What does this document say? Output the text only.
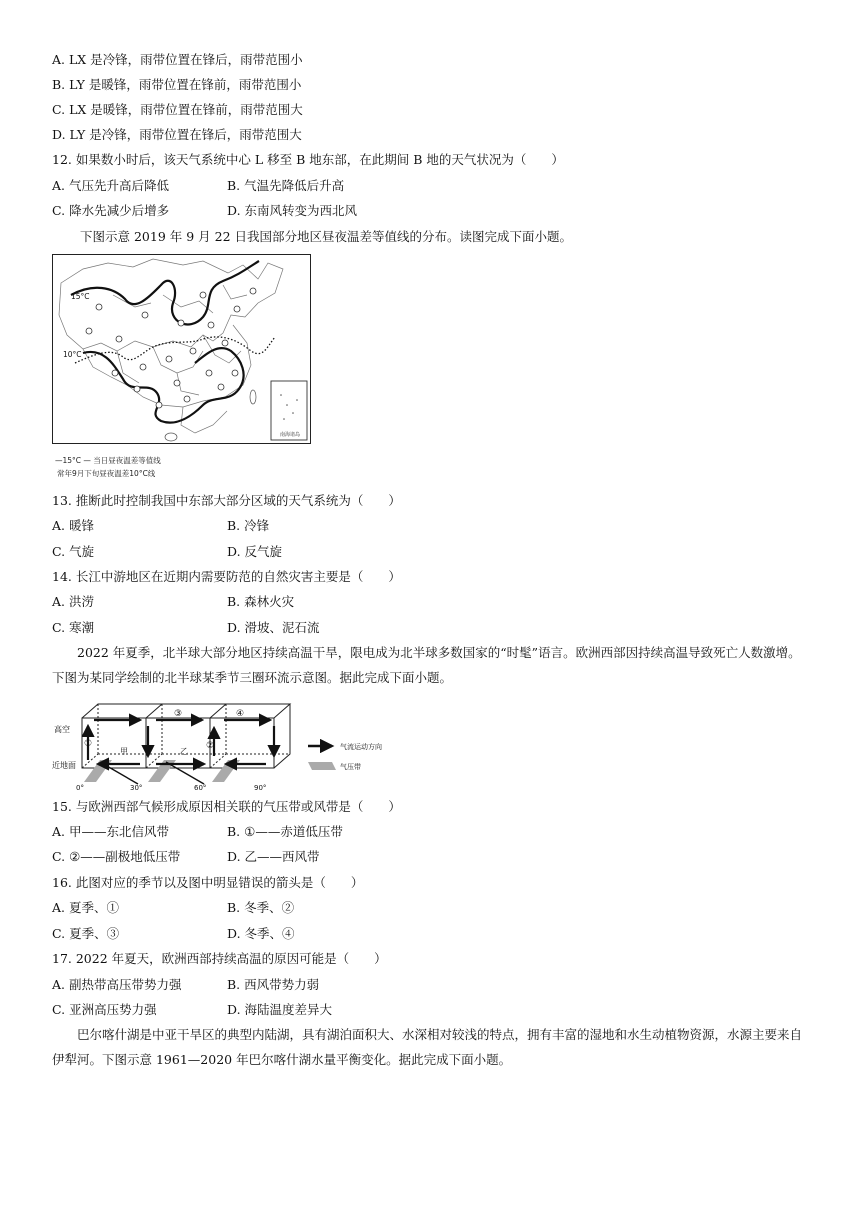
A. LX 是冷锋，雨带位置在锋后，雨带范围小
B. LY 是暖锋，雨带位置在锋前，雨带范围小
C. LX 是暖锋，雨带位置在锋前，雨带范围大
D. LY 是冷锋，雨带位置在锋后，雨带范围大
12. 如果数小时后，该天气系统中心 L 移至 B 地东部，在此期间 B 地的天气状况为（　　）
A. 气压先升高后降低	B. 气温先降低后升高
C. 降水先减少后增多	D. 东南风转变为西北风
下图示意 2019 年 9 月 22 日我国部分地区昼夜温差等值线的分布。读图完成下面小题。
南海诸岛
15°C
10°C
—15°C — 当日昼夜温差等值线
常年9月下旬昼夜温差10°C线
13. 推断此时控制我国中东部大部分区域的天气系统为（　　）
A. 暖锋	B. 冷锋
C. 气旋	D. 反气旋
14. 长江中游地区在近期内需要防范的自然灾害主要是（　　）
A. 洪涝	B. 森林火灾
C. 寒潮	D. 滑坡、泥石流
2022 年夏季，北半球大部分地区持续高温干旱，限电成为北半球多数国家的“时髦”语言。欧洲西部因持续高温导致死亡人数激增。下图为某同学绘制的北半球某季节三圈环流示意图。据此完成下面小题。
高空
近地面
①	②
③	④
甲	乙
0°	30°	60°	90°
气流运动方向
气压带
15. 与欧洲西部气候形成原因相关联的气压带或风带是（　　）
A. 甲——东北信风带	B. ①——赤道低压带
C. ②——副极地低压带	D. 乙——西风带
16. 此图对应的季节以及图中明显错误的箭头是（　　）
A. 夏季、①	B. 冬季、②
C. 夏季、③	D. 冬季、④
17. 2022 年夏天，欧洲西部持续高温的原因可能是（　　）
A. 副热带高压带势力强	B. 西风带势力弱
C. 亚洲高压势力强	D. 海陆温度差异大
巴尔喀什湖是中亚干旱区的典型内陆湖，具有湖泊面积大、水深相对较浅的特点，拥有丰富的湿地和水生动植物资源，水源主要来自伊犁河。下图示意 1961—2020 年巴尔喀什湖水量平衡变化。据此完成下面小题。
